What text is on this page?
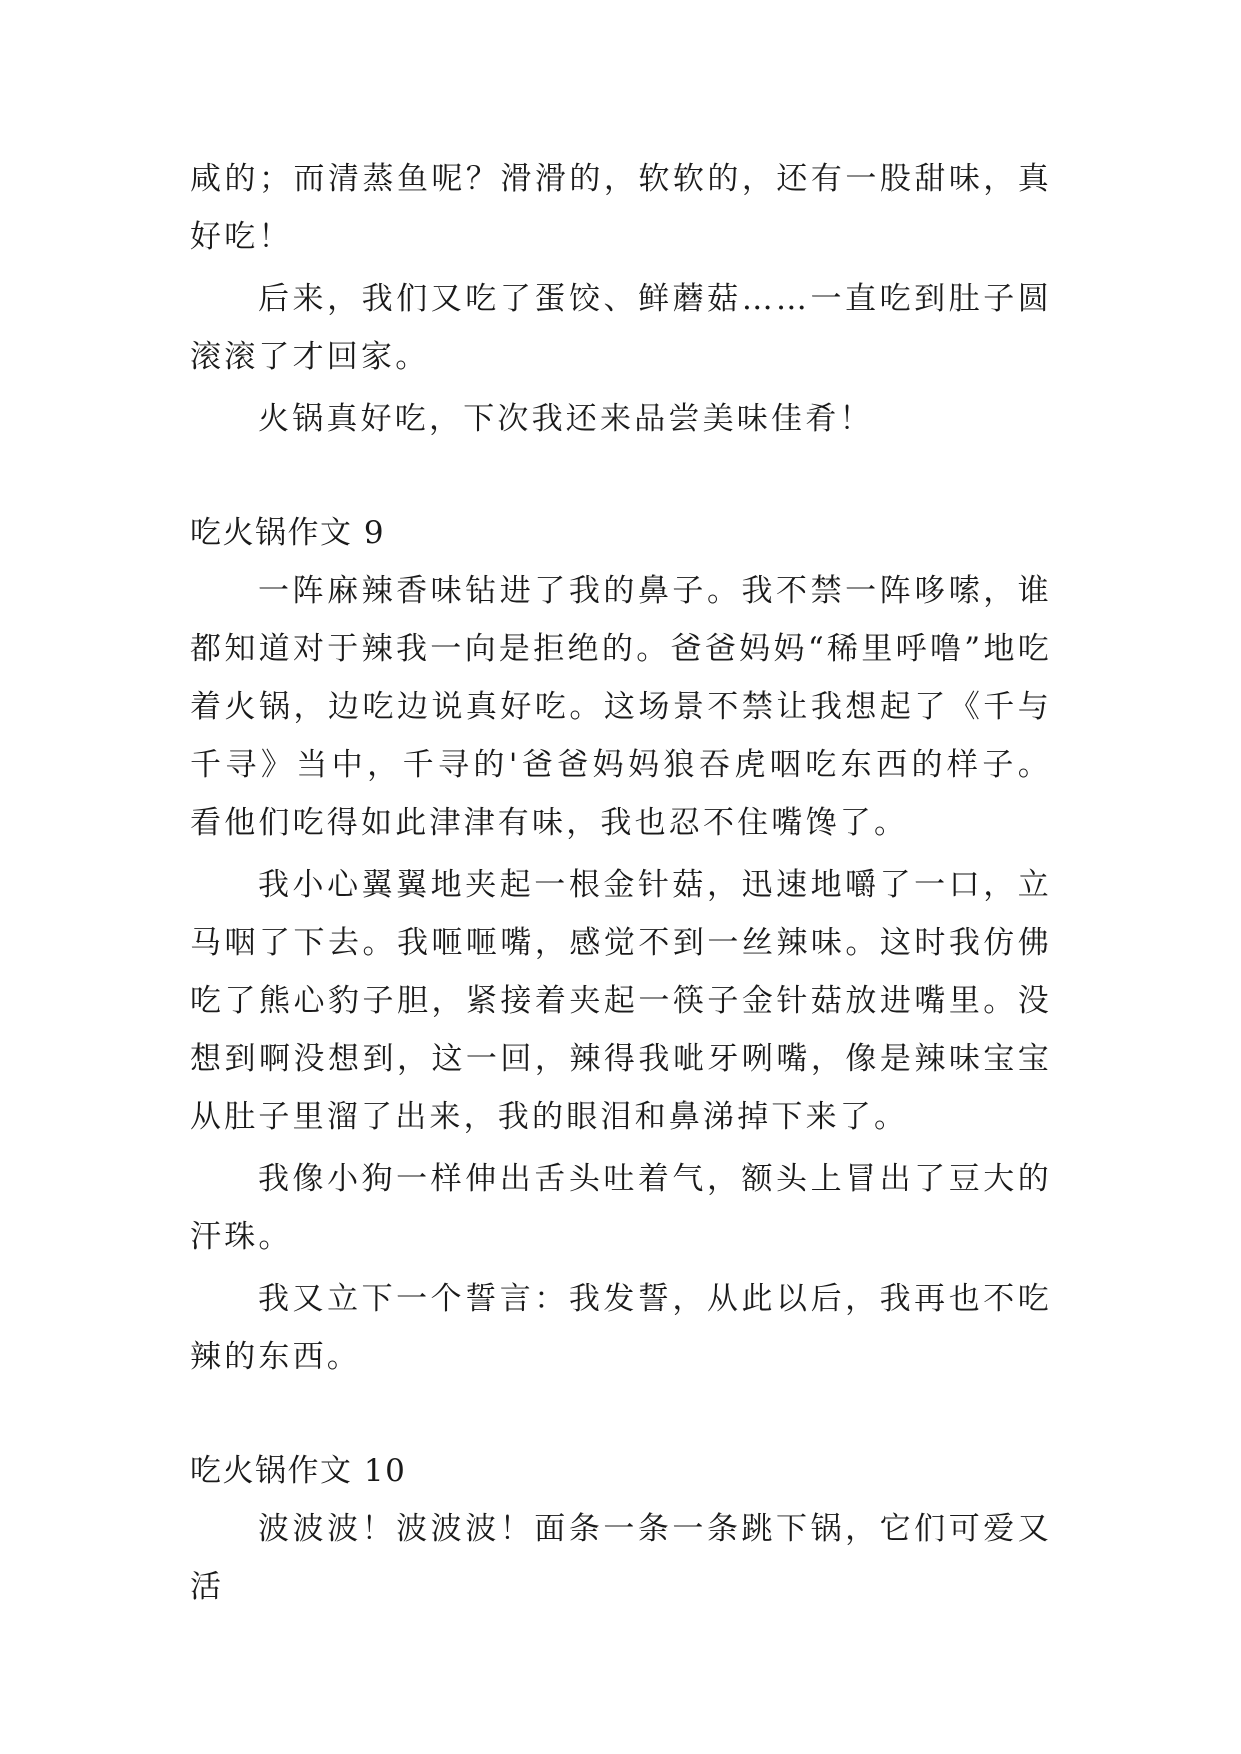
咸的；而清蒸鱼呢？滑滑的，软软的，还有一股甜味，真好吃！

后来，我们又吃了蛋饺、鲜蘑菇……一直吃到肚子圆滚滚了才回家。

火锅真好吃，下次我还来品尝美味佳肴！

吃火锅作文 9

一阵麻辣香味钻进了我的鼻子。我不禁一阵哆嗦，谁都知道对于辣我一向是拒绝的。爸爸妈妈“稀里呼噜”地吃着火锅，边吃边说真好吃。这场景不禁让我想起了《千与千寻》当中，千寻的'爸爸妈妈狼吞虎咽吃东西的样子。看他们吃得如此津津有味，我也忍不住嘴馋了。

我小心翼翼地夹起一根金针菇，迅速地嚼了一口，立马咽了下去。我咂咂嘴，感觉不到一丝辣味。这时我仿佛吃了熊心豹子胆，紧接着夹起一筷子金针菇放进嘴里。没想到啊没想到，这一回，辣得我呲牙咧嘴，像是辣味宝宝从肚子里溜了出来，我的眼泪和鼻涕掉下来了。

我像小狗一样伸出舌头吐着气，额头上冒出了豆大的汗珠。

我又立下一个誓言：我发誓，从此以后，我再也不吃辣的东西。

吃火锅作文 10

波波波！波波波！面条一条一条跳下锅，它们可爱又活
